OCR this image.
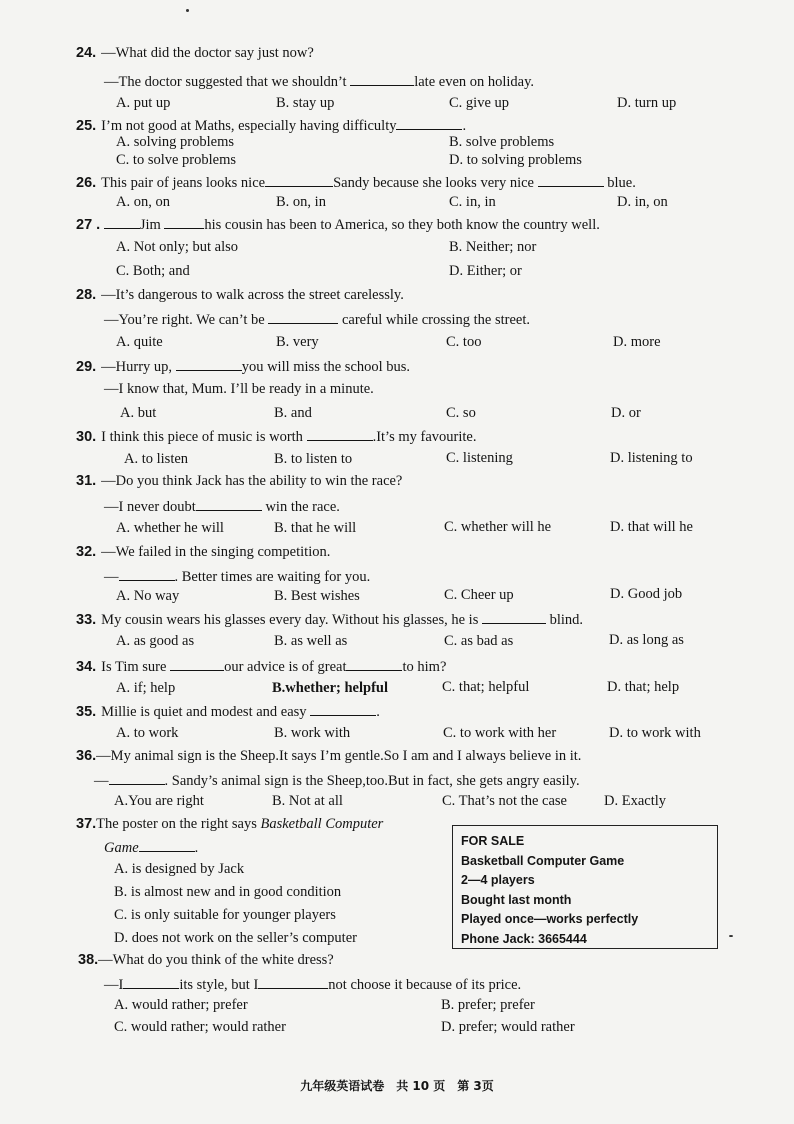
24. —What did the doctor say just now?
—The doctor suggested that we shouldn’t	late even on holiday.
A. put up	B. stay up	C. give up	D. turn up
25. I’m not good at Maths, especially having difficulty	.
A. solving problems	B. solve problems
C. to solve problems	D. to solving problems
26. This pair of jeans looks nice	Sandy because she looks very nice	blue.
A. on, on	B. on, in	C. in, in	D. in, on
27 .	Jim	his cousin has been to America, so they both know the country well.
A. Not only; but also	B. Neither; nor
C. Both; and	D. Either; or
28. —It’s dangerous to walk across the street carelessly.
—You’re right. We can’t be	careful while crossing the street.
A. quite	B. very	C. too	D. more
29. —Hurry up,	you will miss the school bus.
—I know that, Mum. I’ll be ready in a minute.
A. but	B. and	C. so	D. or
30. I think this piece of music is worth	.It’s my favourite.
A. to listen	B. to listen to	C. listening	D. listening to
31. —Do you think Jack has the ability to win the race?
—I never doubt	win the race.
A. whether he will	B. that he will	C. whether will he	D. that will he
32. —We failed in the singing competition.
—	. Better times are waiting for you.
A. No way	B. Best wishes	C. Cheer up	D. Good job
33. My cousin wears his glasses every day. Without his glasses, he is	blind.
A. as good as	B. as well as	C. as bad as	D. as long as
34. Is Tim sure	our advice is of great	to him?
A. if; help	B.whether; helpful	C. that; helpful	D. that; help
35. Millie is quiet and modest and easy	.
A. to work	B. work with	C. to work with her	D. to work with
36.—My animal sign is the Sheep.It says I’m gentle.So I am and I always believe in it.
—	. Sandy’s animal sign is the Sheep,too.But in fact, she gets angry easily.
A.You are right	B. Not at all	C. That’s not the case	D. Exactly
37.The poster on the right says Basketball Computer
Game	.
A. is designed by Jack
B. is almost new and in good condition
C. is only suitable for younger players
D. does not work on the seller’s computer
FOR SALE
Basketball Computer Game
2—4 players
Bought last month
Played once—works perfectly
Phone Jack: 3665444
38.—What do you think of the white dress?
—I	its style, but I	not choose it because of its price.
A. would rather; prefer	B. prefer; prefer
C. would rather; would rather	D. prefer; would rather
九年级英语试卷　共 10 页　第 3页
